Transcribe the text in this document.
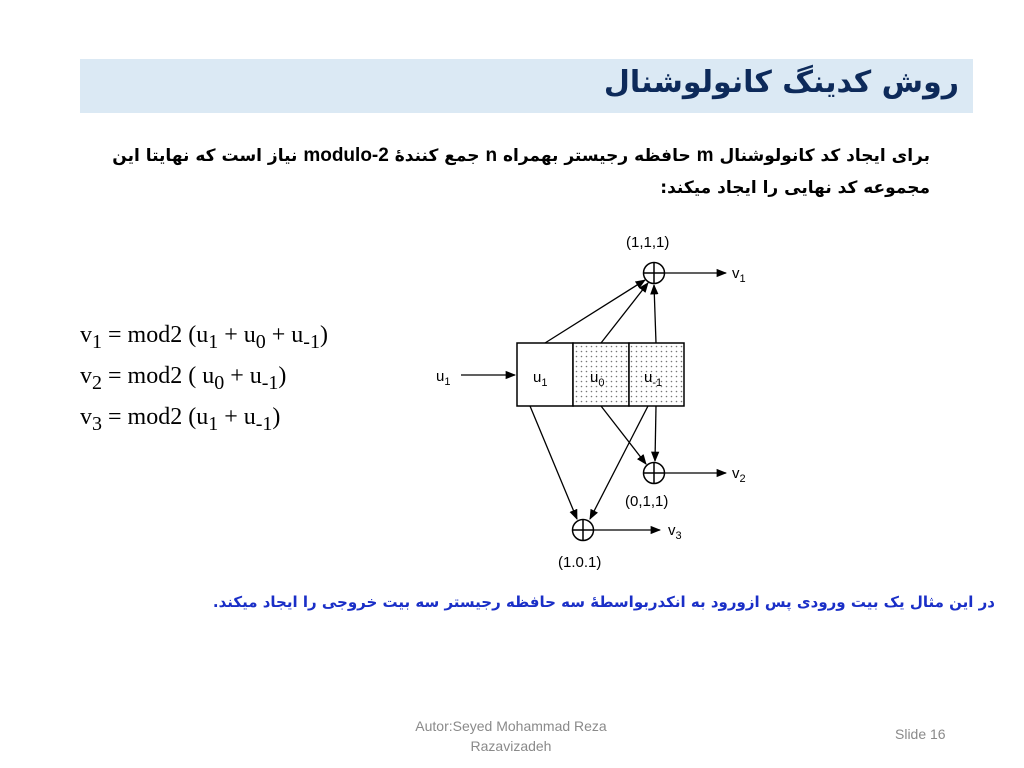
روش کدینگ کانولوشنال
برای ایجاد کد کانولوشنال m حافظه رجیستر بهمراه n جمع کنندۀ modulo-2 نیاز است که نهایتا این مجموعه کد نهایی را ایجاد میکند:
$v_1 = mod2$ $(u_1 + u_0 + u_{-1})$
$v_2 = mod2$ ( $u_0 + u_{-1}$)
$v_3 = mod2$ $(u_1 + u_{-1})$
$u_1$	$u_0$	$u_{-1}$
$u_1$
$v_1$
$v_2$
$v_3$
(1,1,1)
(0,1,1)
(1.0.1)
در این مثال یک بیت ورودی پس ازورود به انکدربواسطۀ سه حافظه رجیستر سه بیت خروجی را ایجاد میکند.
Autor:Seyed Mohammad Reza Razavizadeh
Slide 16
